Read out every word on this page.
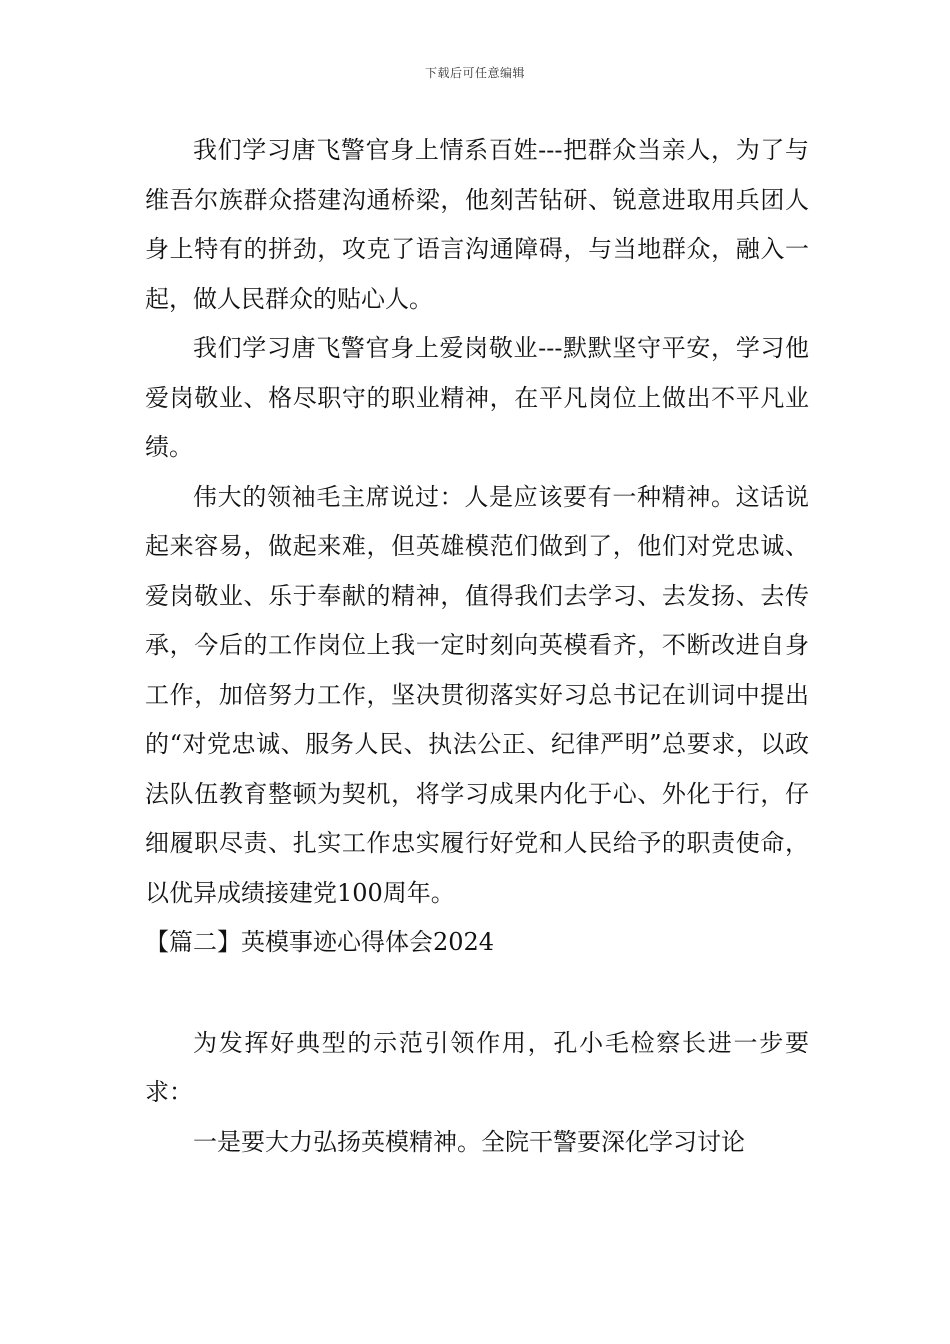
下载后可任意编辑

我们学习唐飞警官身上情系百姓---把群众当亲人，为了与维吾尔族群众搭建沟通桥梁，他刻苦钻研、锐意进取用兵团人身上特有的拼劲，攻克了语言沟通障碍，与当地群众，融入一起，做人民群众的贴心人。

我们学习唐飞警官身上爱岗敬业---默默坚守平安，学习他爱岗敬业、格尽职守的职业精神，在平凡岗位上做出不平凡业绩。

伟大的领袖毛主席说过：人是应该要有一种精神。这话说起来容易，做起来难，但英雄模范们做到了，他们对党忠诚、爱岗敬业、乐于奉献的精神，值得我们去学习、去发扬、去传承，今后的工作岗位上我一定时刻向英模看齐，不断改进自身工作，加倍努力工作，坚决贯彻落实好习总书记在训词中提出的“对党忠诚、服务人民、执法公正、纪律严明”总要求，以政法队伍教育整顿为契机，将学习成果内化于心、外化于行，仔细履职尽责、扎实工作忠实履行好党和人民给予的职责使命，以优异成绩接建党100周年。

【篇二】英模事迹心得体会2024

为发挥好典型的示范引领作用，孔小毛检察长进一步要求：

一是要大力弘扬英模精神。全院干警要深化学习讨论
